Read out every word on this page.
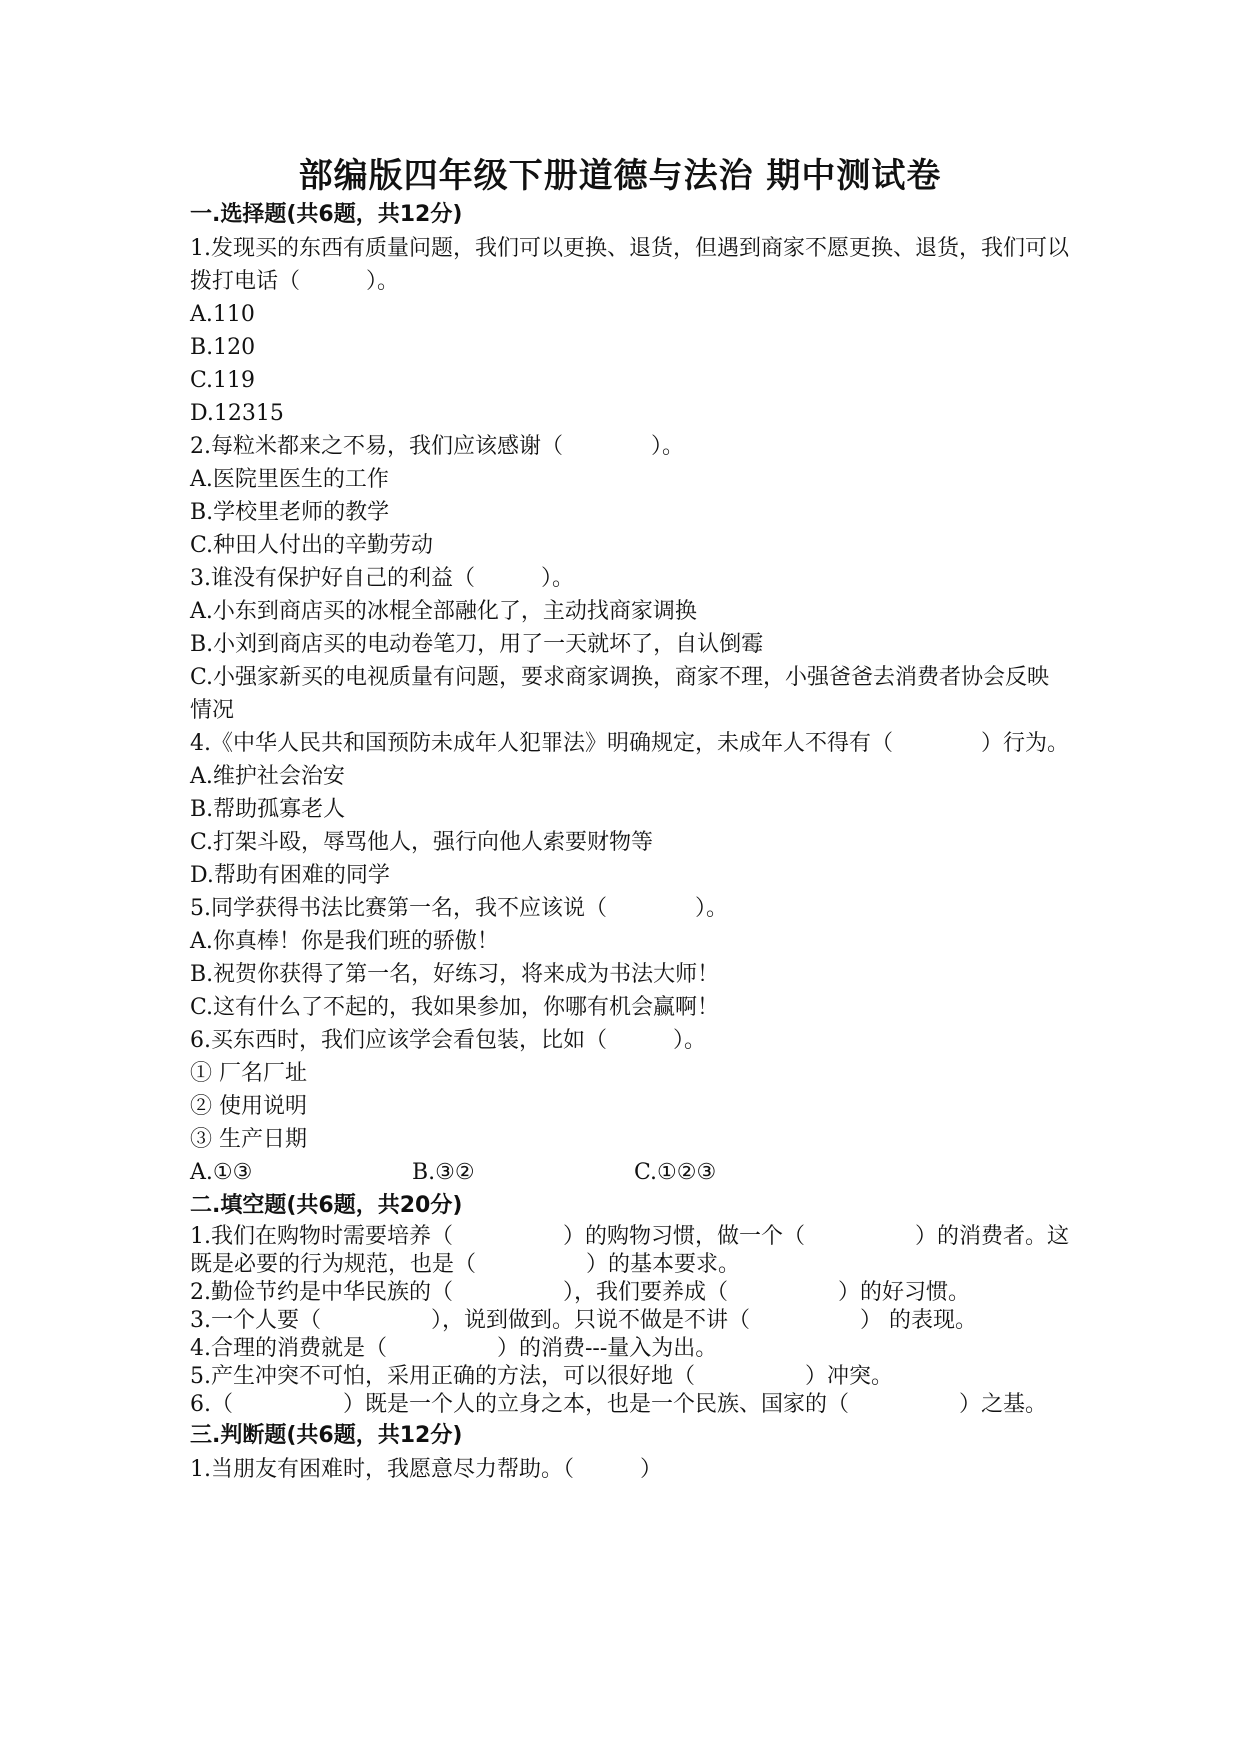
部编版四年级下册道德与法治 期中测试卷
一.选择题(共6题，共12分)
1.发现买的东西有质量问题，我们可以更换、退货，但遇到商家不愿更换、退货，我们可以拨打电话（　　　）。
A.110
B.120
C.119
D.12315
2.每粒米都来之不易，我们应该感谢（　　　　）。
A.医院里医生的工作
B.学校里老师的教学
C.种田人付出的辛勤劳动
3.谁没有保护好自己的利益（　　　）。
A.小东到商店买的冰棍全部融化了，主动找商家调换
B.小刘到商店买的电动卷笔刀，用了一天就坏了，自认倒霉
C.小强家新买的电视质量有问题，要求商家调换，商家不理，小强爸爸去消费者协会反映情况
4.《中华人民共和国预防未成年人犯罪法》明确规定，未成年人不得有（　　　　）行为。
A.维护社会治安
B.帮助孤寡老人
C.打架斗殴，辱骂他人，强行向他人索要财物等
D.帮助有困难的同学
5.同学获得书法比赛第一名，我不应该说（　　　　）。
A.你真棒！你是我们班的骄傲！
B.祝贺你获得了第一名，好练习，将来成为书法大师！
C.这有什么了不起的，我如果参加，你哪有机会赢啊！
6.买东西时，我们应该学会看包装，比如（　　　）。
① 厂名厂址
② 使用说明
③ 生产日期
A.①③	B.③②	C.①②③
二.填空题(共6题，共20分)
1.我们在购物时需要培养（　　　　　）的购物习惯，做一个（　　　　　）的消费者。这既是必要的行为规范，也是（　　　　　）的基本要求。
2.勤俭节约是中华民族的（　　　　　），我们要养成（　　　　　）的好习惯。
3.一个人要（　　　　　），说到做到。只说不做是不讲（　　　　　） 的表现。
4.合理的消费就是（　　　　　）的消费---量入为出。
5.产生冲突不可怕，采用正确的方法，可以很好地（　　　　　）冲突。
6.（　　　　　）既是一个人的立身之本，也是一个民族、国家的（　　　　　）之基。
三.判断题(共6题，共12分)
1.当朋友有困难时，我愿意尽力帮助。（　　　）
